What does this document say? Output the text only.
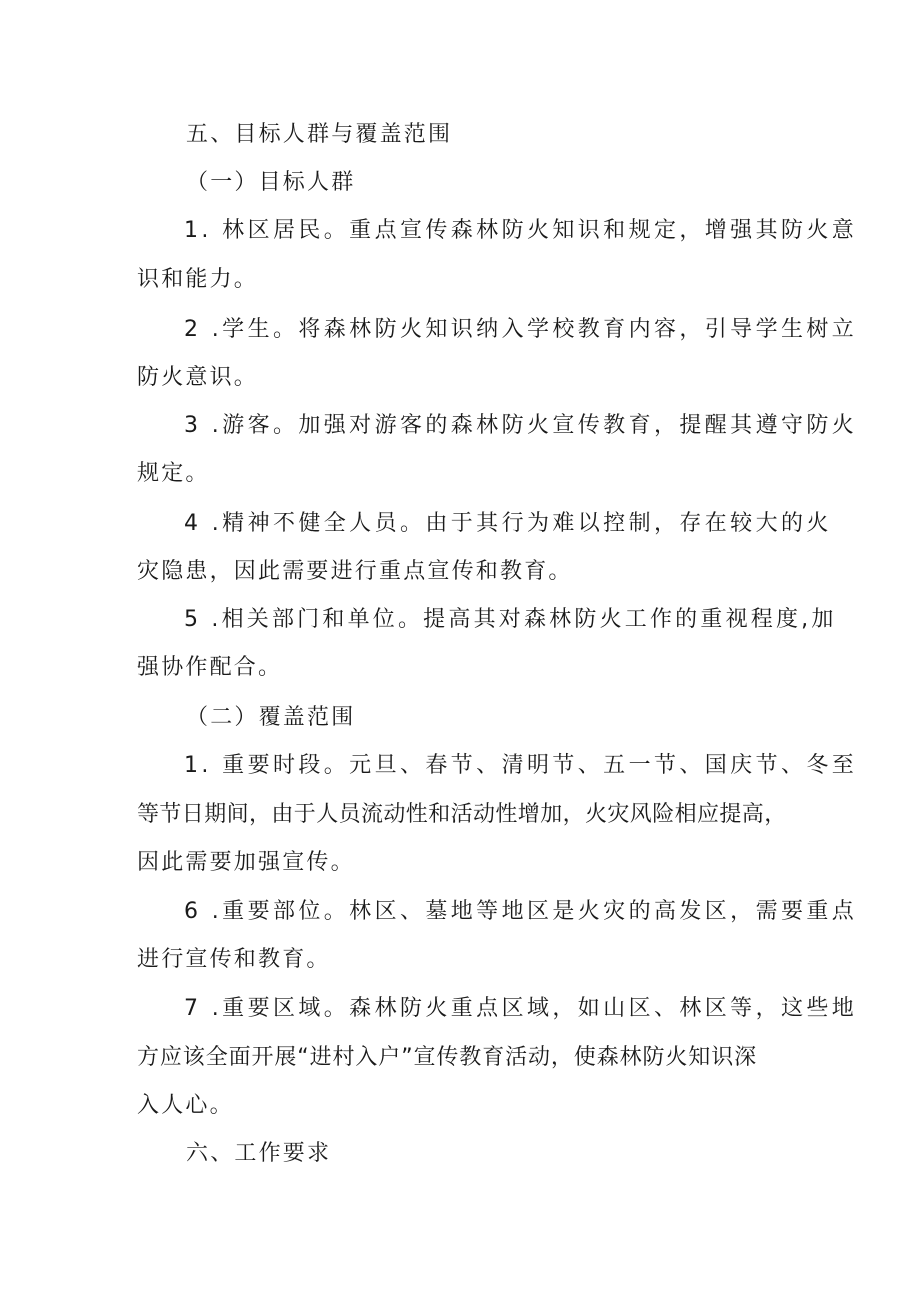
五、目标人群与覆盖范围
（一）目标人群
1. 林区居民。重点宣传森林防火知识和规定，增强其防火意
识和能力。
2 .学生。将森林防火知识纳入学校教育内容，引导学生树立
防火意识。
3 .游客。加强对游客的森林防火宣传教育，提醒其遵守防火
规定。
4 .精神不健全人员。由于其行为难以控制，存在较大的火
灾隐患，因此需要进行重点宣传和教育。
5 .相关部门和单位。提高其对森林防火工作的重视程度,加
强协作配合。
（二）覆盖范围
1. 重要时段。元旦、春节、清明节、五一节、国庆节、冬至
等节日期间，由于人员流动性和活动性增加，火灾风险相应提高，
因此需要加强宣传。
6 .重要部位。林区、墓地等地区是火灾的高发区，需要重点
进行宣传和教育。
7 .重要区域。森林防火重点区域，如山区、林区等，这些地
方应该全面开展“进村入户”宣传教育活动，使森林防火知识深
入人心。
六、工作要求
